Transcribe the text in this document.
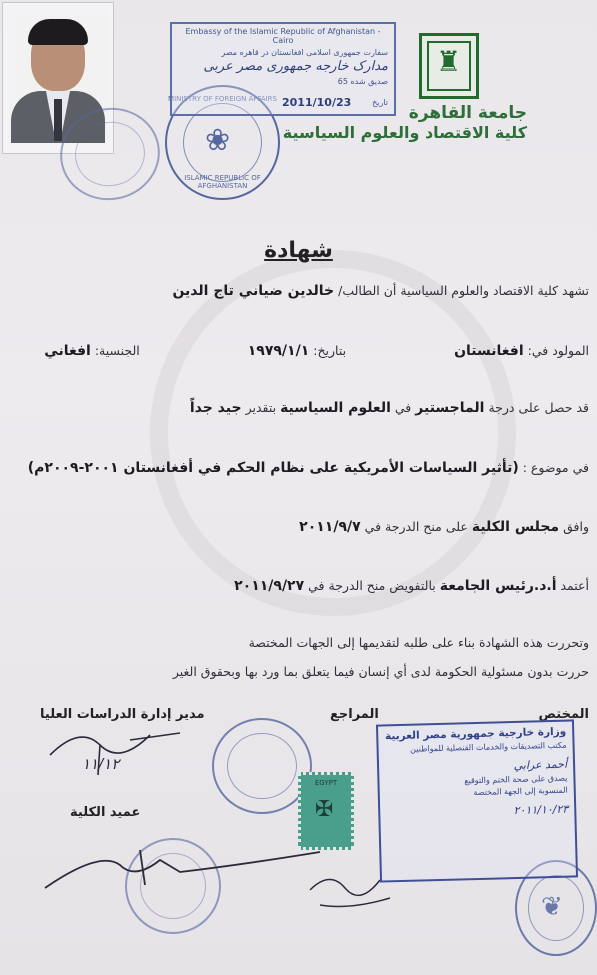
MINISTRY OF FOREIGN AFFAIRS
ISLAMIC REPUBLIC OF AFGHANISTAN
❀
Embassy of the Islamic Republic of Afghanistan - Cairo
سفارت جمهوری اسلامی افغانستان در قاهره مصر
مدارک خارجه جمهوری مصر عربی
صدیق شده 65
2011/10/23	تاریخ
♜
جامعة القاهرة
كلية الاقتصاد والعلوم السياسية
شهادة
تشهد كلية الاقتصاد والعلوم السياسية أن الطالب/ خالدين ضياني تاج الدين
المولود في: افغانستان  بتاريخ: ١٩٧٩/١/١  الجنسية: افغاني
قد حصل على درجة الماجستير في العلوم السياسية بتقدير جيد جداً
في موضوع : (تأثير السياسات الأمريكية على نظام الحكم في أفغانستان ٢٠٠١-٢٠٠٩م)
وافق مجلس الكلية على منح الدرجة في ٢٠١١/٩/٧
أعتمد أ.د.رئيس الجامعة بالتفويض منح الدرجة في ٢٠١١/٩/٢٧
وتحررت هذه الشهادة بناء على طلبه لتقديمها إلى الجهات المختصة
حررت بدون مسئولية الحكومة لدى أي إنسان فيما يتعلق بما ورد بها وبحقوق الغير
المختص
المراجع
مدير إدارة الدراسات العليا
عميد الكلية
١١/١٢
❦
EGYPT
✠
وزارة خارجية جمهورية مصر العربية
مكتب التصديقات والخدمات القنصلية للمواطنين
أحمد عرابي
يصدق على صحة الختم والتوقيع
المنسوبة إلى الجهة المختصة
٢٠١١/١٠/٢٣
